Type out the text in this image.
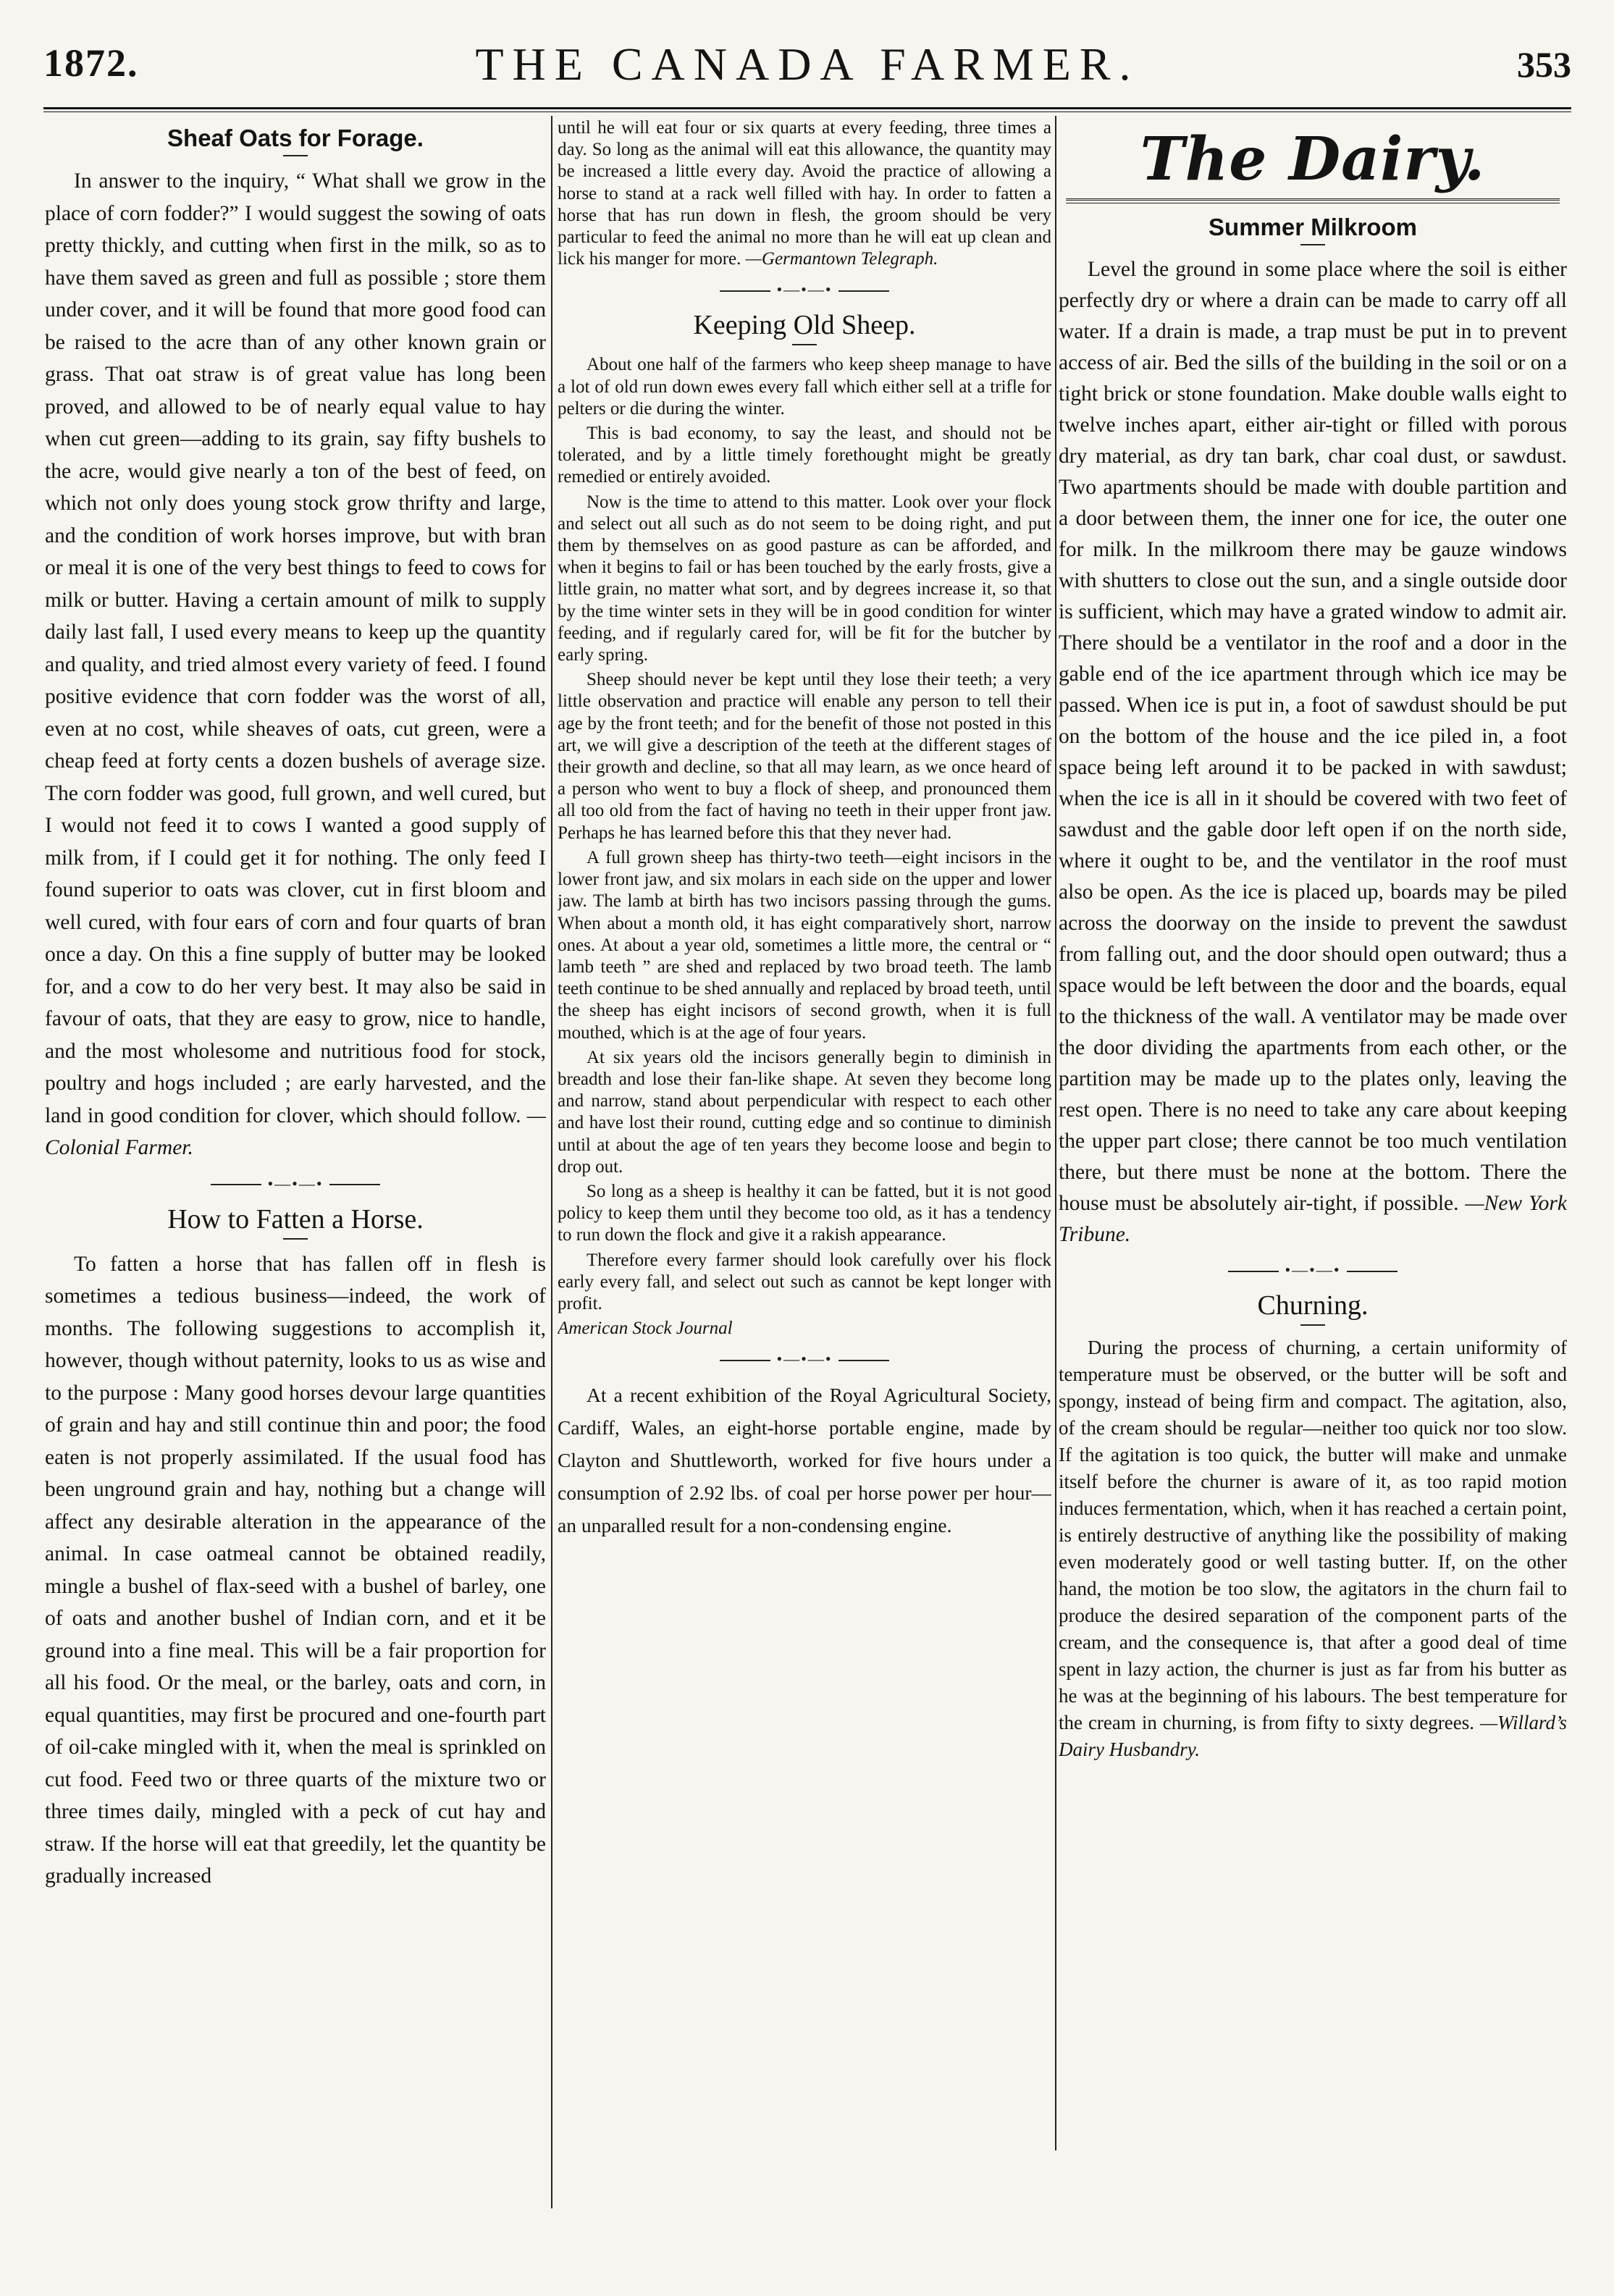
1872.	THE CANADA FARMER.	353
Sheaf Oats for Forage.

In answer to the inquiry, “ What shall we grow in the place of corn fodder?” I would suggest the sowing of oats pretty thickly, and cutting when first in the milk, so as to have them saved as green and full as possible ; store them under cover, and it will be found that more good food can be raised to the acre than of any other known grain or grass. That oat straw is of great value has long been proved, and allowed to be of nearly equal value to hay when cut green—adding to its grain, say fifty bushels to the acre, would give nearly a ton of the best of feed, on which not only does young stock grow thrifty and large, and the condition of work horses improve, but with bran or meal it is one of the very best things to feed to cows for milk or butter. Having a certain amount of milk to supply daily last fall, I used every means to keep up the quantity and quality, and tried almost every variety of feed. I found positive evidence that corn fodder was the worst of all, even at no cost, while sheaves of oats, cut green, were a cheap feed at forty cents a dozen bushels of average size. The corn fodder was good, full grown, and well cured, but I would not feed it to cows I wanted a good supply of milk from, if I could get it for nothing. The only feed I found superior to oats was clover, cut in first bloom and well cured, with four ears of corn and four quarts of bran once a day. On this a fine supply of butter may be looked for, and a cow to do her very best. It may also be said in favour of oats, that they are easy to grow, nice to handle, and the most wholesome and nutritious food for stock, poultry and hogs included ; are early harvested, and the land in good condition for clover, which should follow. —Colonial Farmer.

•—•—•
How to Fatten a Horse.

To fatten a horse that has fallen off in flesh is sometimes a tedious business—indeed, the work of months. The following suggestions to accomplish it, however, though without paternity, looks to us as wise and to the purpose : Many good horses devour large quantities of grain and hay and still continue thin and poor; the food eaten is not properly assimilated. If the usual food has been unground grain and hay, nothing but a change will affect any desirable alteration in the appearance of the animal. In case oatmeal cannot be obtained readily, mingle a bushel of flax-seed with a bushel of barley, one of oats and another bushel of Indian corn, and et it be ground into a fine meal. This will be a fair proportion for all his food. Or the meal, or the barley, oats and corn, in equal quantities, may first be procured and one-fourth part of oil-cake mingled with it, when the meal is sprinkled on cut food. Feed two or three quarts of the mixture two or three times daily, mingled with a peck of cut hay and straw. If the horse will eat that greedily, let the quantity be gradually increased

until he will eat four or six quarts at every feeding, three times a day. So long as the animal will eat this allowance, the quantity may be increased a little every day. Avoid the practice of allowing a horse to stand at a rack well filled with hay. In order to fatten a horse that has run down in flesh, the groom should be very particular to feed the animal no more than he will eat up clean and lick his manger for more. —Germantown Telegraph.

•—•—•
Keeping Old Sheep.

About one half of the farmers who keep sheep manage to have a lot of old run down ewes every fall which either sell at a trifle for pelters or die during the winter.

This is bad economy, to say the least, and should not be tolerated, and by a little timely forethought might be greatly remedied or entirely avoided.

Now is the time to attend to this matter. Look over your flock and select out all such as do not seem to be doing right, and put them by themselves on as good pasture as can be afforded, and when it begins to fail or has been touched by the early frosts, give a little grain, no matter what sort, and by degrees increase it, so that by the time winter sets in they will be in good condition for winter feeding, and if regularly cared for, will be fit for the butcher by early spring.

Sheep should never be kept until they lose their teeth; a very little observation and practice will enable any person to tell their age by the front teeth; and for the benefit of those not posted in this art, we will give a description of the teeth at the different stages of their growth and decline, so that all may learn, as we once heard of a person who went to buy a flock of sheep, and pronounced them all too old from the fact of having no teeth in their upper front jaw. Perhaps he has learned before this that they never had.

A full grown sheep has thirty-two teeth—eight incisors in the lower front jaw, and six molars in each side on the upper and lower jaw. The lamb at birth has two incisors passing through the gums. When about a month old, it has eight comparatively short, narrow ones. At about a year old, sometimes a little more, the central or “ lamb teeth ” are shed and replaced by two broad teeth. The lamb teeth continue to be shed annually and replaced by broad teeth, until the sheep has eight incisors of second growth, when it is full mouthed, which is at the age of four years.

At six years old the incisors generally begin to diminish in breadth and lose their fan-like shape. At seven they become long and narrow, stand about perpendicular with respect to each other and have lost their round, cutting edge and so continue to diminish until at about the age of ten years they become loose and begin to drop out.

So long as a sheep is healthy it can be fatted, but it is not good policy to keep them until they become too old, as it has a tendency to run down the flock and give it a rakish appearance.

Therefore every farmer should look carefully over his flock early every fall, and select out such as cannot be kept longer with profit.

American Stock Journal

•—•—•

At a recent exhibition of the Royal Agricultural Society, Cardiff, Wales, an eight-horse portable engine, made by Clayton and Shuttleworth, worked for five hours under a consumption of 2.92 lbs. of coal per horse power per hour—an unparalled result for a non-condensing engine.

The Dairy.
Summer Milkroom

Level the ground in some place where the soil is either perfectly dry or where a drain can be made to carry off all water. If a drain is made, a trap must be put in to prevent access of air. Bed the sills of the building in the soil or on a tight brick or stone foundation. Make double walls eight to twelve inches apart, either air-tight or filled with porous dry material, as dry tan bark, char coal dust, or sawdust. Two apartments should be made with double partition and a door between them, the inner one for ice, the outer one for milk. In the milkroom there may be gauze windows with shutters to close out the sun, and a single outside door is sufficient, which may have a grated window to admit air. There should be a ventilator in the roof and a door in the gable end of the ice apartment through which ice may be passed. When ice is put in, a foot of sawdust should be put on the bottom of the house and the ice piled in, a foot space being left around it to be packed in with sawdust; when the ice is all in it should be covered with two feet of sawdust and the gable door left open if on the north side, where it ought to be, and the ventilator in the roof must also be open. As the ice is placed up, boards may be piled across the doorway on the inside to prevent the sawdust from falling out, and the door should open outward; thus a space would be left between the door and the boards, equal to the thickness of the wall. A ventilator may be made over the door dividing the apartments from each other, or the partition may be made up to the plates only, leaving the rest open. There is no need to take any care about keeping the upper part close; there cannot be too much ventilation there, but there must be none at the bottom. There the house must be absolutely air-tight, if possible. —New York Tribune.

•—•—•
Churning.

During the process of churning, a certain uniformity of temperature must be observed, or the butter will be soft and spongy, instead of being firm and compact. The agitation, also, of the cream should be regular—neither too quick nor too slow. If the agitation is too quick, the butter will make and unmake itself before the churner is aware of it, as too rapid motion induces fermentation, which, when it has reached a certain point, is entirely destructive of anything like the possibility of making even moderately good or well tasting butter. If, on the other hand, the motion be too slow, the agitators in the churn fail to produce the desired separation of the component parts of the cream, and the consequence is, that after a good deal of time spent in lazy action, the churner is just as far from his butter as he was at the beginning of his labours. The best temperature for the cream in churning, is from fifty to sixty degrees. —Willard’s Dairy Husbandry.
